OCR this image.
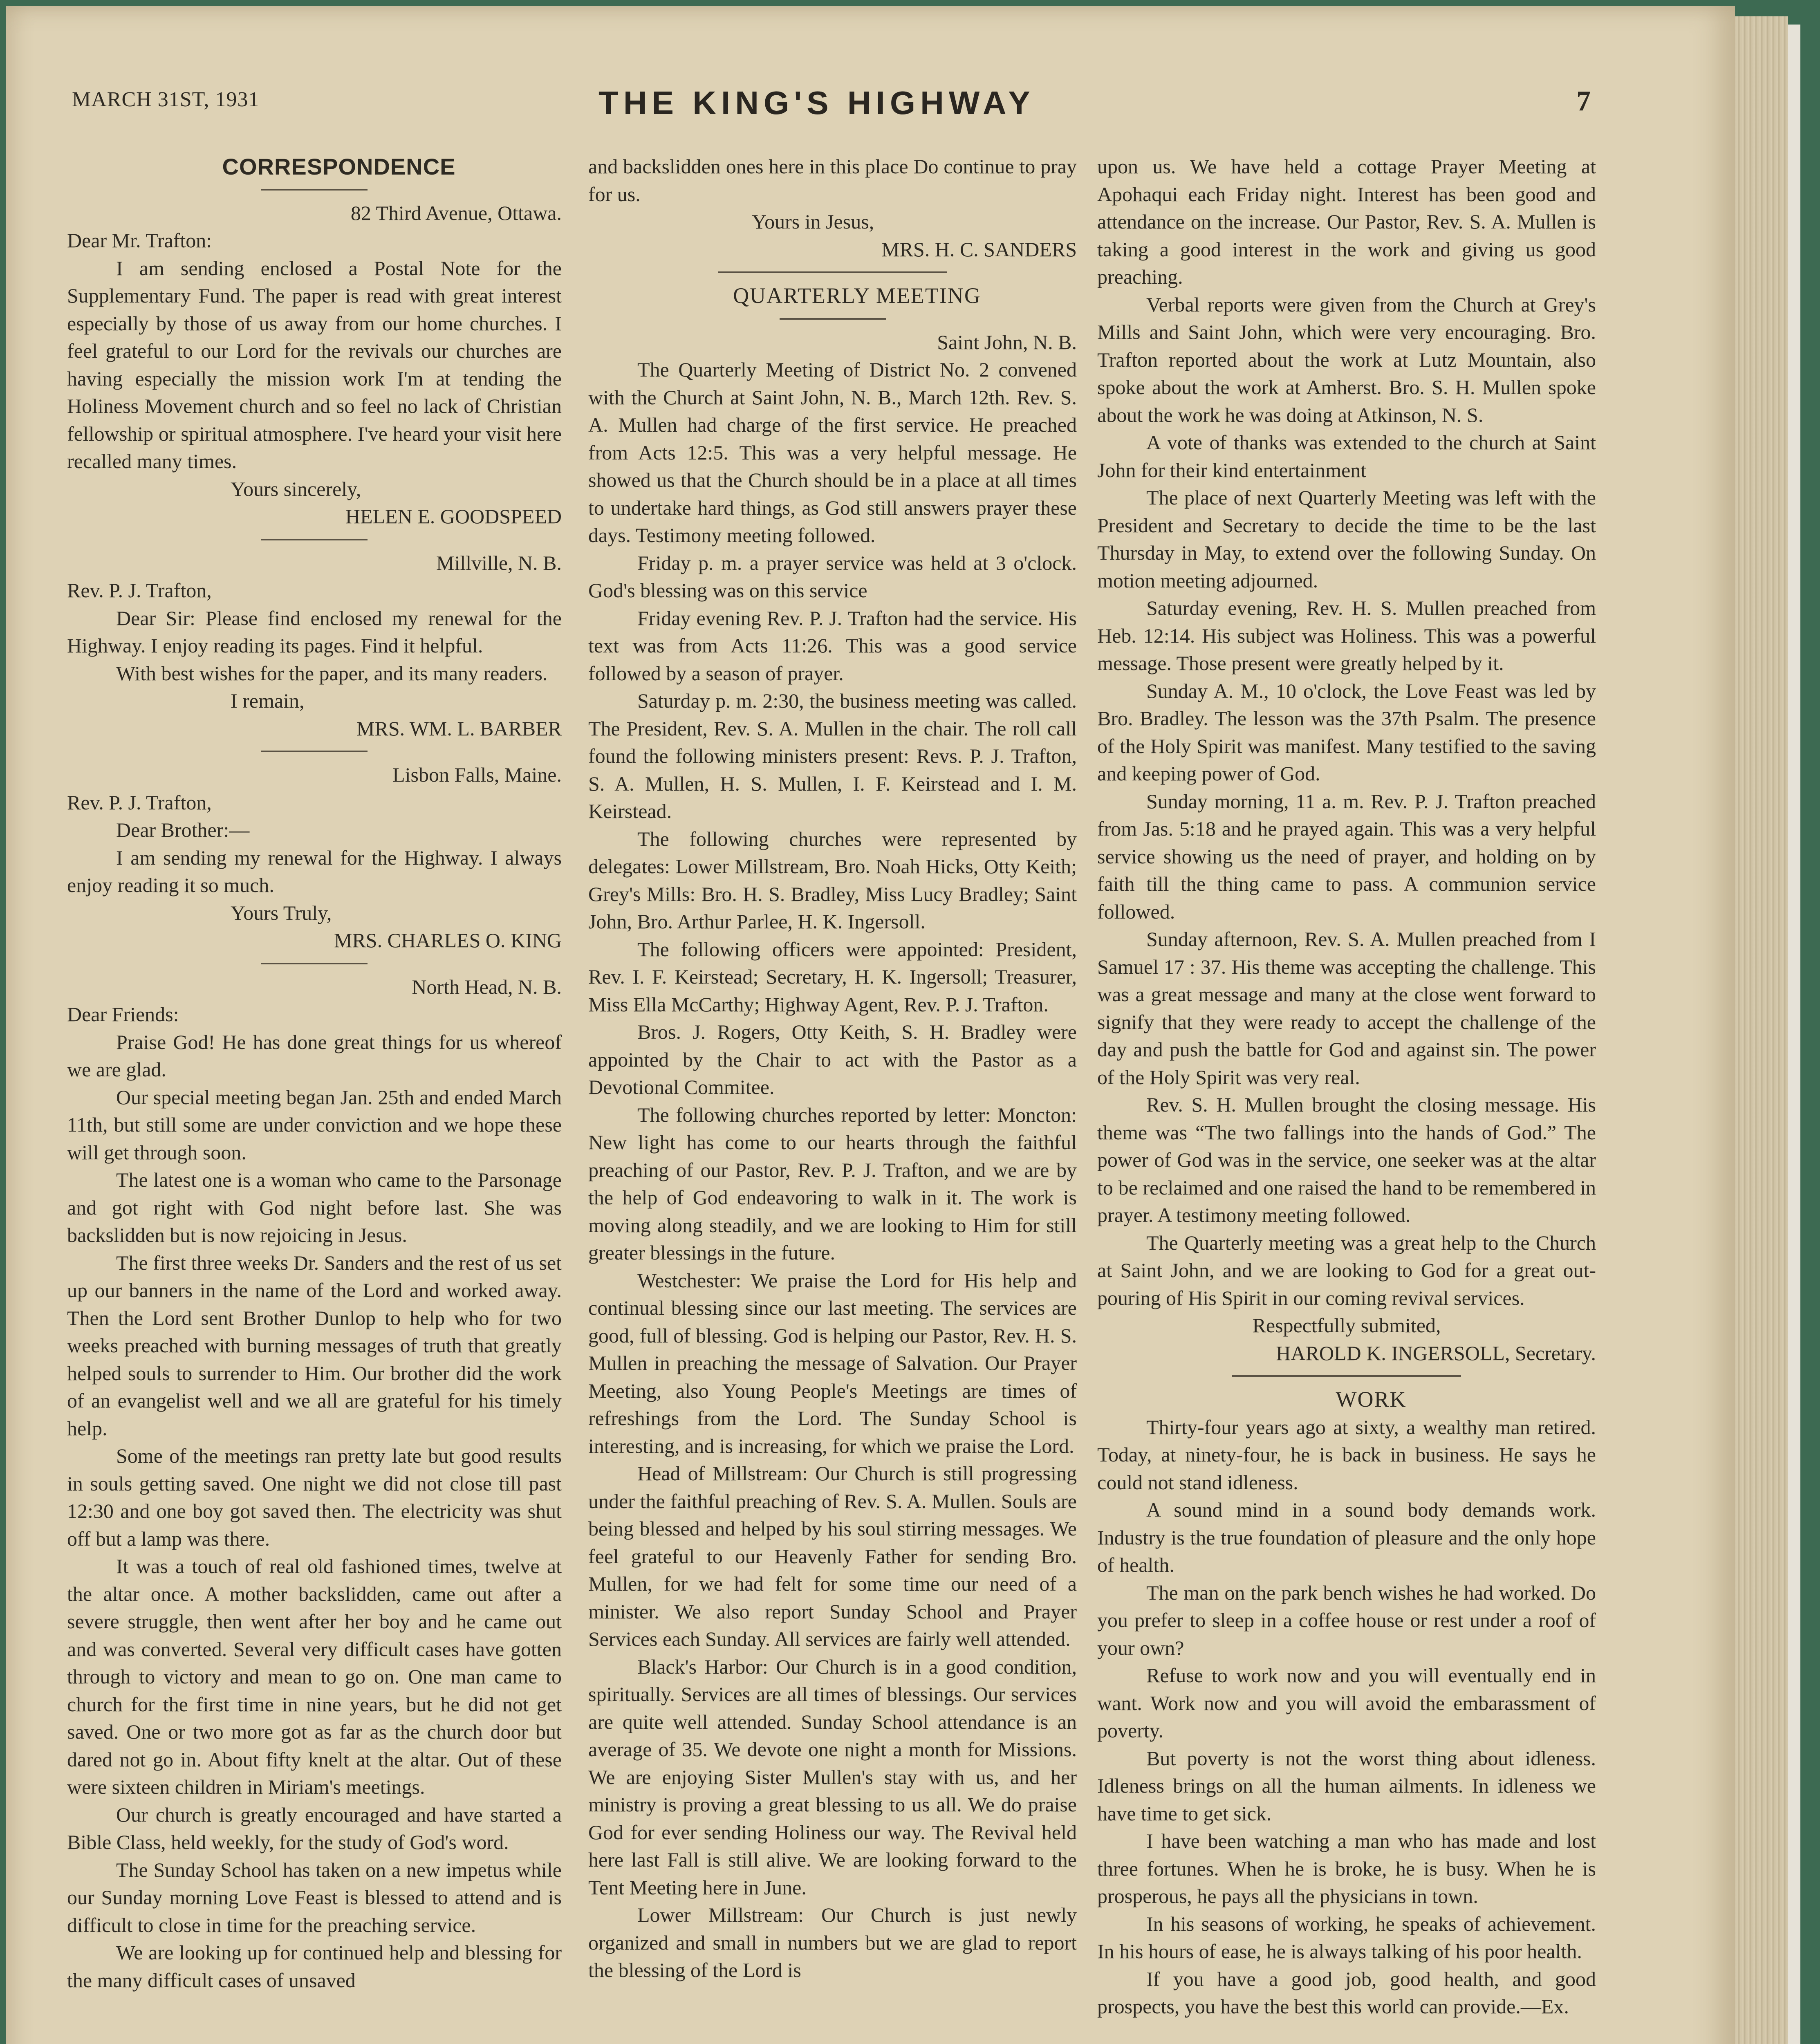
MARCH 31ST, 1931	THE KING'S HIGHWAY	7

CORRESPONDENCE

82 Third Avenue, Ottawa.

Dear Mr. Trafton:

I am sending enclosed a Postal Note for the Supplementary Fund. The paper is read with great interest especially by those of us away from our home churches. I feel grateful to our Lord for the revivals our churches are having especially the mission work I'm at tending the Holiness Movement church and so feel no lack of Christian fellowship or spiritual atmosphere. I've heard your visit here recalled many times.

Yours sincerely,

HELEN E. GOODSPEED

Millville, N. B.

Rev. P. J. Trafton,

Dear Sir: Please find enclosed my renewal for the Highway. I enjoy reading its pages. Find it helpful.

With best wishes for the paper, and its many readers.

I remain,

MRS. WM. L. BARBER

Lisbon Falls, Maine.

Rev. P. J. Trafton,

Dear Brother:—

I am sending my renewal for the Highway. I always enjoy reading it so much.

Yours Truly,

MRS. CHARLES O. KING

North Head, N. B.

Dear Friends:

Praise God! He has done great things for us whereof we are glad.

Our special meeting began Jan. 25th and ended March 11th, but still some are under conviction and we hope these will get through soon.

The latest one is a woman who came to the Parsonage and got right with God night before last. She was backslidden but is now rejoicing in Jesus.

The first three weeks Dr. Sanders and the rest of us set up our banners in the name of the Lord and worked away. Then the Lord sent Brother Dunlop to help who for two weeks preached with burning messages of truth that greatly helped souls to surrender to Him. Our brother did the work of an evangelist well and we all are grateful for his timely help.

Some of the meetings ran pretty late but good results in souls getting saved. One night we did not close till past 12:30 and one boy got saved then. The electricity was shut off but a lamp was there.

It was a touch of real old fashioned times, twelve at the altar once. A mother backslidden, came out after a severe struggle, then went after her boy and he came out and was converted. Several very difficult cases have gotten through to victory and mean to go on. One man came to church for the first time in nine years, but he did not get saved. One or two more got as far as the church door but dared not go in. About fifty knelt at the altar. Out of these were sixteen children in Miriam's meetings.

Our church is greatly encouraged and have started a Bible Class, held weekly, for the study of God's word.

The Sunday School has taken on a new impetus while our Sunday morning Love Feast is blessed to attend and is difficult to close in time for the preaching service.

We are looking up for continued help and blessing for the many difficult cases of unsaved

and backslidden ones here in this place Do continue to pray for us.

Yours in Jesus,

MRS. H. C. SANDERS

QUARTERLY MEETING

Saint John, N. B.

The Quarterly Meeting of District No. 2 convened with the Church at Saint John, N. B., March 12th. Rev. S. A. Mullen had charge of the first service. He preached from Acts 12:5. This was a very helpful message. He showed us that the Church should be in a place at all times to undertake hard things, as God still answers prayer these days. Testimony meeting followed.

Friday p. m. a prayer service was held at 3 o'clock. God's blessing was on this service

Friday evening Rev. P. J. Trafton had the service. His text was from Acts 11:26. This was a good service followed by a season of prayer.

Saturday p. m. 2:30, the business meeting was called. The President, Rev. S. A. Mullen in the chair. The roll call found the following ministers present: Revs. P. J. Trafton, S. A. Mullen, H. S. Mullen, I. F. Keirstead and I. M. Keirstead.

The following churches were represented by delegates: Lower Millstream, Bro. Noah Hicks, Otty Keith; Grey's Mills: Bro. H. S. Bradley, Miss Lucy Bradley; Saint John, Bro. Arthur Parlee, H. K. Ingersoll.

The following officers were appointed: President, Rev. I. F. Keirstead; Secretary, H. K. Ingersoll; Treasurer, Miss Ella McCarthy; Highway Agent, Rev. P. J. Trafton.

Bros. J. Rogers, Otty Keith, S. H. Bradley were appointed by the Chair to act with the Pastor as a Devotional Commitee.

The following churches reported by letter: Moncton: New light has come to our hearts through the faithful preaching of our Pastor, Rev. P. J. Trafton, and we are by the help of God endeavoring to walk in it. The work is moving along steadily, and we are looking to Him for still greater blessings in the future.

Westchester: We praise the Lord for His help and continual blessing since our last meeting. The services are good, full of blessing. God is helping our Pastor, Rev. H. S. Mullen in preaching the message of Salvation. Our Prayer Meeting, also Young People's Meetings are times of refreshings from the Lord. The Sunday School is interesting, and is increasing, for which we praise the Lord.

Head of Millstream: Our Church is still progressing under the faithful preaching of Rev. S. A. Mullen. Souls are being blessed and helped by his soul stirring messages. We feel grateful to our Heavenly Father for sending Bro. Mullen, for we had felt for some time our need of a minister. We also report Sunday School and Prayer Services each Sunday. All services are fairly well attended.

Black's Harbor: Our Church is in a good condition, spiritually. Services are all times of blessings. Our services are quite well attended. Sunday School attendance is an average of 35. We devote one night a month for Missions. We are enjoying Sister Mullen's stay with us, and her ministry is proving a great blessing to us all. We do praise God for ever sending Holiness our way. The Revival held here last Fall is still alive. We are looking forward to the Tent Meeting here in June.

Lower Millstream: Our Church is just newly organized and small in numbers but we are glad to report the blessing of the Lord is

upon us. We have held a cottage Prayer Meeting at Apohaqui each Friday night. Interest has been good and attendance on the increase. Our Pastor, Rev. S. A. Mullen is taking a good interest in the work and giving us good preaching.

Verbal reports were given from the Church at Grey's Mills and Saint John, which were very encouraging. Bro. Trafton reported about the work at Lutz Mountain, also spoke about the work at Amherst. Bro. S. H. Mullen spoke about the work he was doing at Atkinson, N. S.

A vote of thanks was extended to the church at Saint John for their kind entertainment

The place of next Quarterly Meeting was left with the President and Secretary to decide the time to be the last Thursday in May, to extend over the following Sunday. On motion meeting adjourned.

Saturday evening, Rev. H. S. Mullen preached from Heb. 12:14. His subject was Holiness. This was a powerful message. Those present were greatly helped by it.

Sunday A. M., 10 o'clock, the Love Feast was led by Bro. Bradley. The lesson was the 37th Psalm. The presence of the Holy Spirit was manifest. Many testified to the saving and keeping power of God.

Sunday morning, 11 a. m. Rev. P. J. Trafton preached from Jas. 5:18 and he prayed again. This was a very helpful service showing us the need of prayer, and holding on by faith till the thing came to pass. A communion service followed.

Sunday afternoon, Rev. S. A. Mullen preached from I Samuel 17 : 37. His theme was accepting the challenge. This was a great message and many at the close went forward to signify that they were ready to accept the challenge of the day and push the battle for God and against sin. The power of the Holy Spirit was very real.

Rev. S. H. Mullen brought the closing message. His theme was “The two fallings into the hands of God.” The power of God was in the service, one seeker was at the altar to be reclaimed and one raised the hand to be remembered in prayer. A testimony meeting followed.

The Quarterly meeting was a great help to the Church at Saint John, and we are looking to God for a great out-pouring of His Spirit in our coming revival services.

Respectfully submited,

HAROLD K. INGERSOLL, Secretary.

WORK

Thirty-four years ago at sixty, a wealthy man retired. Today, at ninety-four, he is back in business. He says he could not stand idleness.

A sound mind in a sound body demands work. Industry is the true foundation of pleasure and the only hope of health.

The man on the park bench wishes he had worked. Do you prefer to sleep in a coffee house or rest under a roof of your own?

Refuse to work now and you will eventually end in want. Work now and you will avoid the embarassment of poverty.

But poverty is not the worst thing about idleness. Idleness brings on all the human ailments. In idleness we have time to get sick.

I have been watching a man who has made and lost three fortunes. When he is broke, he is busy. When he is prosperous, he pays all the physicians in town.

In his seasons of working, he speaks of achievement. In his hours of ease, he is always talking of his poor health.

If you have a good job, good health, and good prospects, you have the best this world can provide.—Ex.
